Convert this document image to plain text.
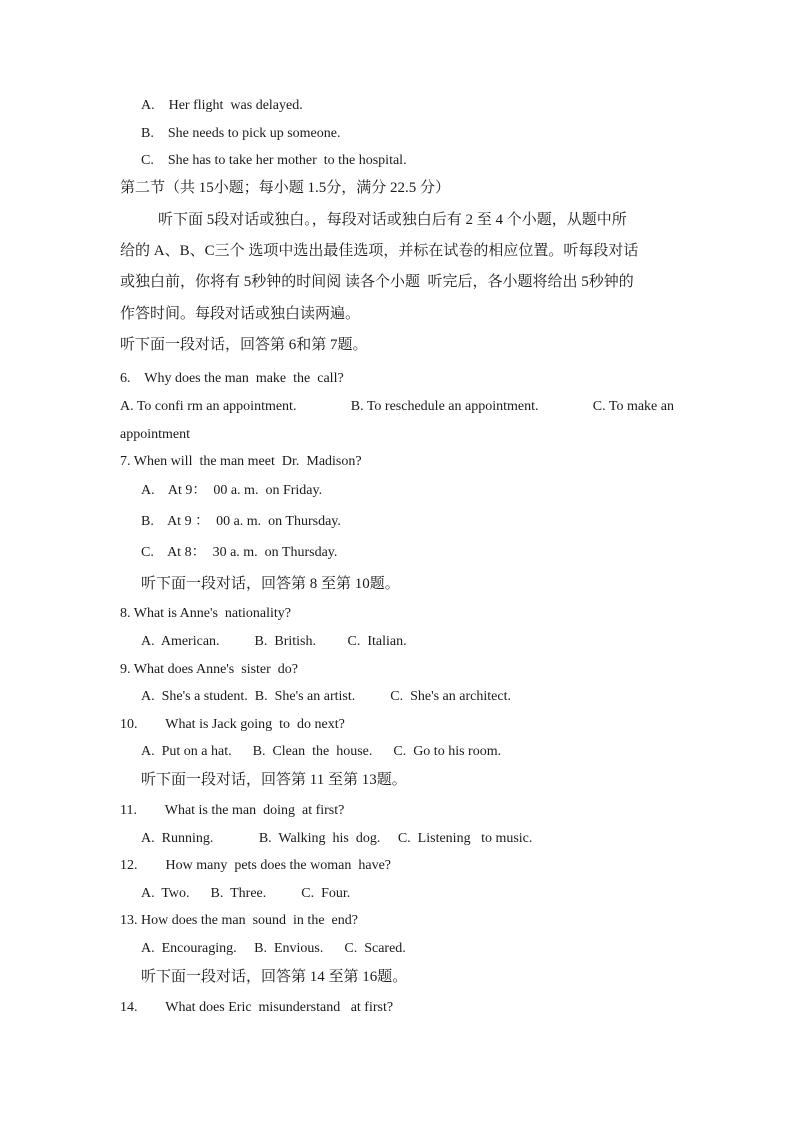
A.    Her flight  was delayed.
B.    She needs to pick up someone.
C.    She has to take her mother  to the hospital.
第二节（共 15小题；每小题 1.5分，满分 22.5 分）
听下面 5段对话或独白。，每段对话或独白后有 2 至 4 个小题，从题中所
给的 A、B、C三个 选项中选出最佳选项，并标在试卷的相应位置。听每段对话
或独白前，你将有 5秒钟的时间阅 读各个小题  听完后，各小题将给出 5秒钟的
作答时间。每段对话或独白读两遍。
听下面一段对话，回答第 6和第 7题。
6.    Why does the man  make  the  call?
A. To confi rm an appointment.	B. To reschedule an appointment.	C. To make an
appointment
7. When will  the man meet  Dr.  Madison?
A.    At 9：  00 a. m.  on Friday.
B.    At 9 ：  00 a. m.  on Thursday.
C.    At 8：  30 a. m.  on Thursday.
听下面一段对话，回答第 8 至第 10题。
8. What is Anne's  nationality?
A.  American.          B.  British.         C.  Italian.
9. What does Anne's  sister  do?
A.  She's a student.  B.  She's an artist.          C.  She's an architect.
10.        What is Jack going  to  do next?
A.  Put on a hat.      B.  Clean  the  house.      C.  Go to his room.
听下面一段对话，回答第 11 至第 13题。
11.        What is the man  doing  at first?
A.  Running.             B.  Walking  his  dog.     C.  Listening   to music.
12.        How many  pets does the woman  have?
A.  Two.      B.  Three.          C.  Four.
13. How does the man  sound  in the  end?
A.  Encouraging.     B.  Envious.      C.  Scared.
听下面一段对话，回答第 14 至第 16题。
14.        What does Eric  misunderstand   at first?
